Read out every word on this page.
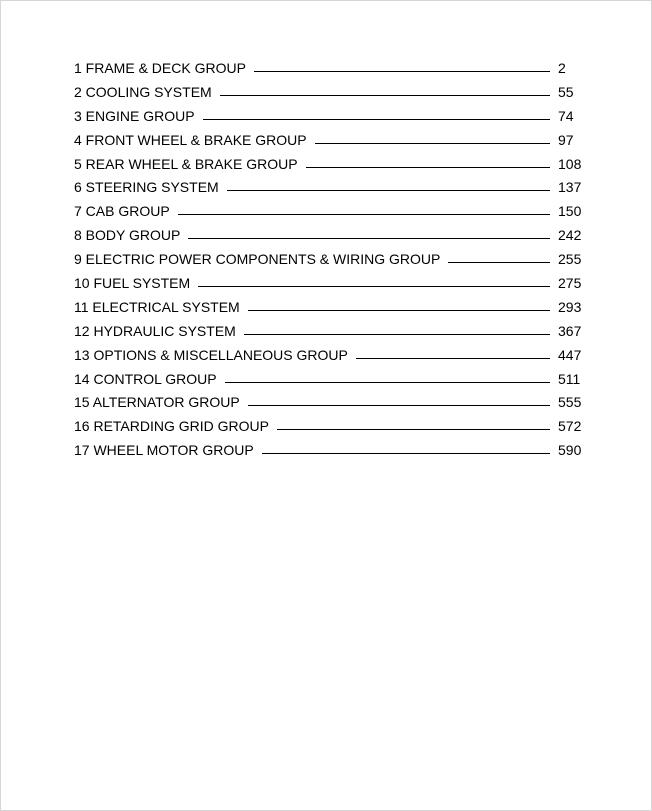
1 FRAME & DECK GROUP	2
2 COOLING SYSTEM	55
3 ENGINE GROUP	74
4 FRONT WHEEL & BRAKE GROUP	97
5 REAR WHEEL & BRAKE GROUP	108
6 STEERING SYSTEM	137
7 CAB GROUP	150
8 BODY GROUP	242
9 ELECTRIC POWER COMPONENTS & WIRING GROUP	255
10 FUEL SYSTEM	275
11 ELECTRICAL SYSTEM	293
12 HYDRAULIC SYSTEM	367
13 OPTIONS & MISCELLANEOUS GROUP	447
14 CONTROL GROUP	511
15 ALTERNATOR GROUP	555
16 RETARDING GRID GROUP	572
17 WHEEL MOTOR GROUP	590
